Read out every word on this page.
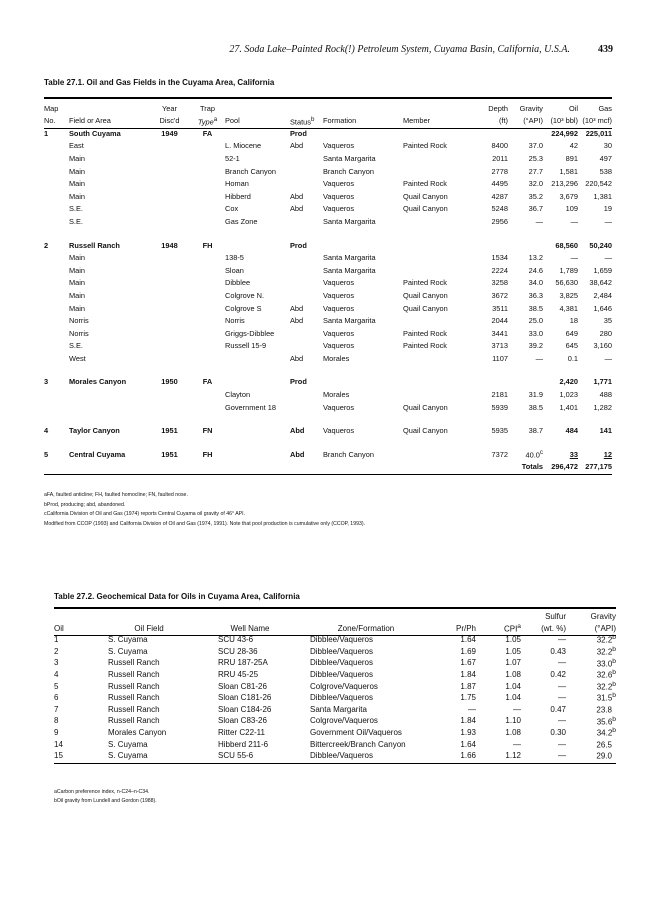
27. Soda Lake–Painted Rock(!) Petroleum System, Cuyama Basin, California, U.S.A.	439
Table 27.1. Oil and Gas Fields in the Cuyama Area, California
Map		Year	Trap					Depth	Gravity	Oil	Gas
No.	Field or Area	Disc'd	Type$^a$	Pool	Status$^b$	Formation	Member	(ft)	(°API)	(10³ bbl)	(10³ mcf)
1	South Cuyama	1949	FA		Prod					224,992	225,011
	East			L. Miocene	Abd	Vaqueros	Painted Rock	8400	37.0	42	30
	Main			52-1		Santa Margarita		2011	25.3	891	497
	Main			Branch Canyon		Branch Canyon		2778	27.7	1,581	538
	Main			Homan		Vaqueros	Painted Rock	4495	32.0	213,296	220,542
	Main			Hibberd	Abd	Vaqueros	Quail Canyon	4287	35.2	3,679	1,381
	S.E.			Cox	Abd	Vaqueros	Quail Canyon	5248	36.7	109	19
	S.E.			Gas Zone		Santa Margarita		2956	—	—	—

2	Russell Ranch	1948	FH		Prod					68,560	50,240
	Main			138-5		Santa Margarita		1534	13.2	—	—
	Main			Sloan		Santa Margarita		2224	24.6	1,789	1,659
	Main			Dibblee		Vaqueros	Painted Rock	3258	34.0	56,630	38,642
	Main			Colgrove N.		Vaqueros	Quail Canyon	3672	36.3	3,825	2,484
	Main			Colgrove S	Abd	Vaqueros	Quail Canyon	3511	38.5	4,381	1,646
	Norris			Norris	Abd	Santa Margarita		2044	25.0	18	35
	Norris			Griggs-Dibblee		Vaqueros	Painted Rock	3441	33.0	649	280
	S.E.			Russell 15-9		Vaqueros	Painted Rock	3713	39.2	645	3,160
	West				Abd	Morales		1107	—	0.1	—

3	Morales Canyon	1950	FA		Prod					2,420	1,771
				Clayton		Morales		2181	31.9	1,023	488
				Government 18		Vaqueros	Quail Canyon	5939	38.5	1,401	1,282

4	Taylor Canyon	1951	FN		Abd	Vaqueros	Quail Canyon	5935	38.7	484	141

5	Central Cuyama	1951	FH		Abd	Branch Canyon		7372	40.0$^c$	33	12
								Totals		296,472	277,175
aFA, faulted anticline; FH, faulted homocline; FN, faulted nose.
bProd, producing; abd, abandoned.
cCalifornia Division of Oil and Gas (1974) reports Central Cuyama oil gravity of 46° API.
Modified from CCOP (1993) and California Division of Oil and Gas (1974, 1991). Note that pool production is cumulative only (CCOP, 1993).
Table 27.2. Geochemical Data for Oils in Cuyama Area, California
						Sulfur	Gravity
Oil	Oil Field	Well Name	Zone/Formation	Pr/Ph	CPI$^a$	(wt. %)	(°API)
1	S. Cuyama	SCU 43-6	Dibblee/Vaqueros	1.64	1.05	—	32.2$^b$
2	S. Cuyama	SCU 28-36	Dibblee/Vaqueros	1.69	1.05	0.43	32.2$^b$
3	Russell Ranch	RRU 187-25A	Dibblee/Vaqueros	1.67	1.07	—	33.0$^b$
4	Russell Ranch	RRU 45-25	Dibblee/Vaqueros	1.84	1.08	0.42	32.6$^b$
5	Russell Ranch	Sloan C81-26	Colgrove/Vaqueros	1.87	1.04	—	32.2$^b$
6	Russell Ranch	Sloan C181-26	Dibblee/Vaqueros	1.75	1.04	—	31.5$^b$
7	Russell Ranch	Sloan C184-26	Santa Margarita	—	—	0.47	23.8
8	Russell Ranch	Sloan C83-26	Colgrove/Vaqueros	1.84	1.10	—	35.6$^b$
9	Morales Canyon	Ritter C22-11	Government Oil/Vaqueros	1.93	1.08	0.30	34.2$^b$
14	S. Cuyama	Hibberd 211-6	Bittercreek/Branch Canyon	1.64	—	—	26.5
15	S. Cuyama	SCU 55-6	Dibblee/Vaqueros	1.66	1.12	—	29.0
aCarbon preference index, n-C24–n-C34.
bOil gravity from Lundell and Gordon (1988).
